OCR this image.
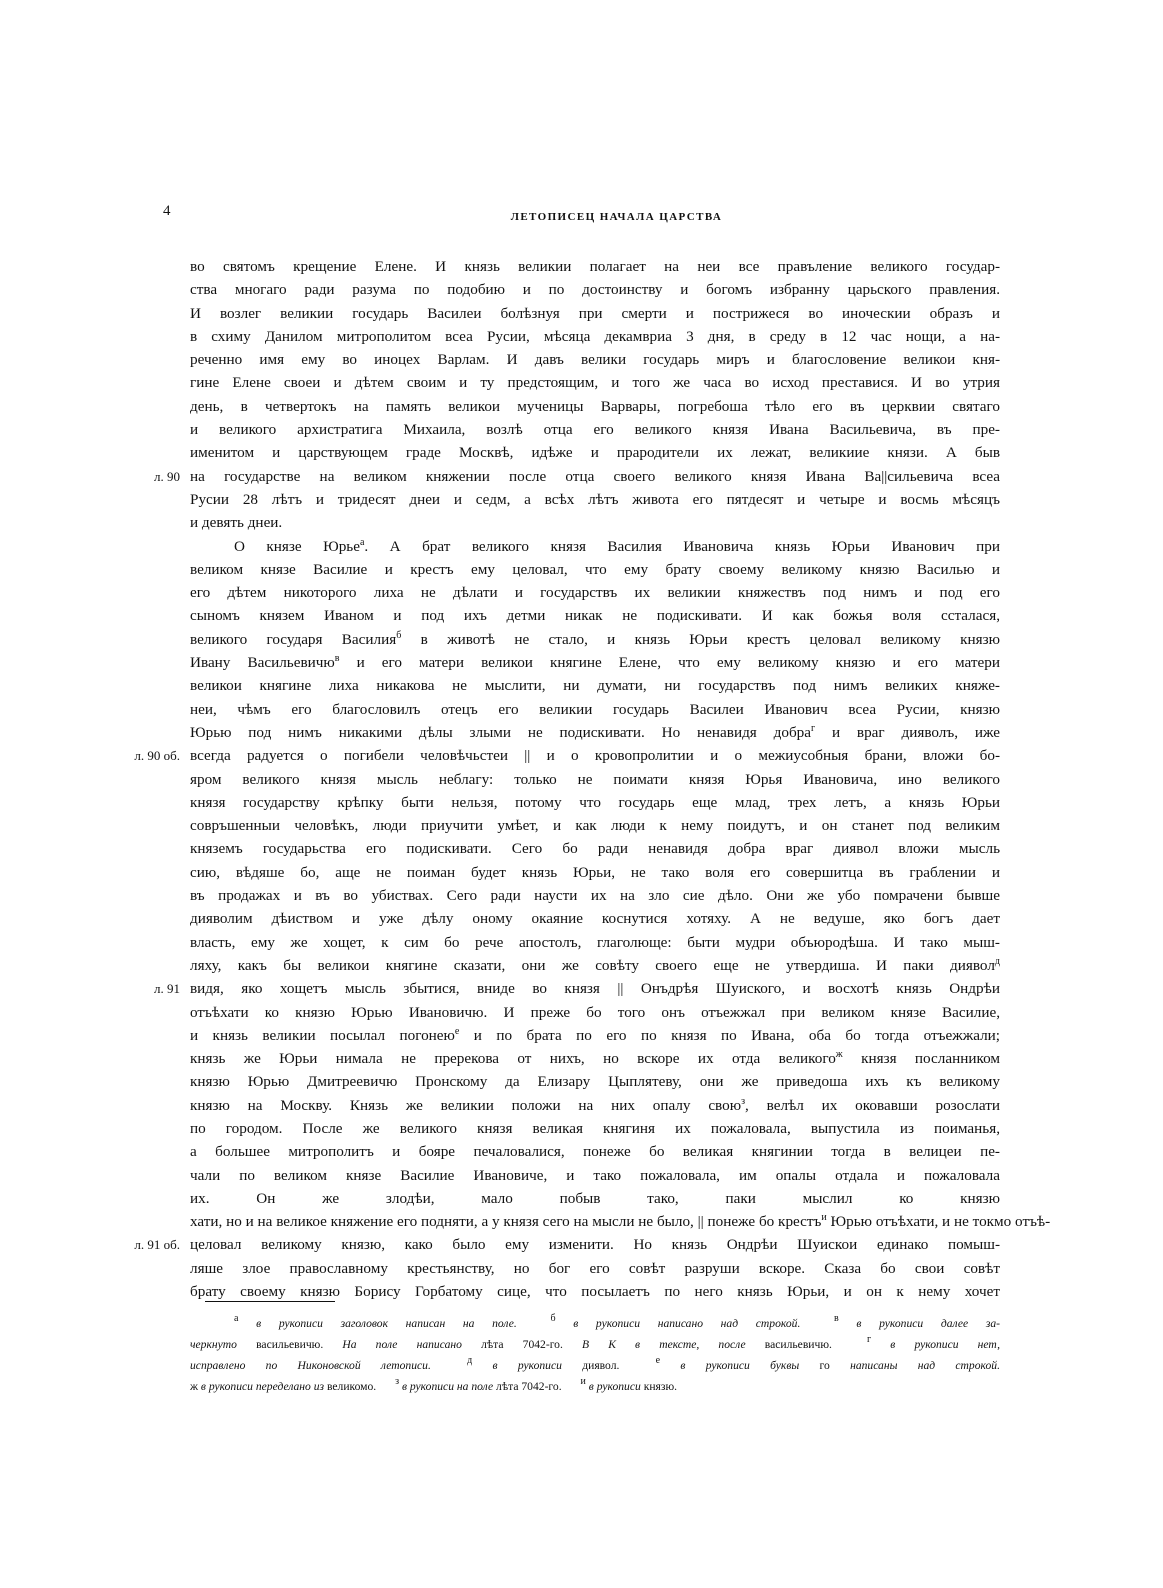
4	ЛЕТОПИСЕЦ НАЧАЛА ЦАРСТВА
во святомъ крещение Елене. И князь великии полагает на неи все правъление великого государ-
ства многаго ради разума по подобию и по достоинству и богомъ избранну царьского правления.
И возлег великии государь Василеи болѣзнуя при смерти и пострижеся во иноческии образъ и
в схиму Данилом митрополитом всеа Русии, мѣсяца декамвриа 3 дня, в среду в 12 час нощи, а на-
реченно имя ему во иноцех Варлам. И давъ велики государь миръ и благословение великои кня-
гине Елене своеи и дѣтем своим и ту предстоящим, и того же часа во исход преставися. И во утрия
день, в четвертокъ на память великои мученицы Варвары, погребоша тѣло его въ церквии святаго
и великого архистратига Михаила, возлѣ отца его великого князя Ивана Васильевича, въ пре-
именитом и царствующем граде Москвѣ, идѣже и прародители их лежат, великиие князи. А быв
л. 90 на государстве на великом княжении после отца своего великого князя Ивана Ва||сильевича всеа
Русии 28 лѣтъ и тридесят днеи и седм, а всѣх лѣтъ живота его пятдесят и четыре и восмь мѣсяцъ
и девять днеи.
О князе Юрье$^а$. А брат великого князя Василия Ивановича князь Юрьи Иванович при
великом князе Василие и крестъ ему целовал, что ему брату своему великому князю Василью и
его дѣтем никоторого лиха не дѣлати и государствъ их великии княжествъ под нимъ и под его
сыномъ князем Иваном и под ихъ детми никак не подискивати. И как божья воля ссталася,
великого государя Василия$^б$ в животѣ не стало, и князь Юрьи крестъ целовал великому князю
Ивану Васильевичю$^в$ и его матери великои княгине Елене, что ему великому князю и его матери
великои княгине лиха никакова не мыслити, ни думати, ни государствъ под нимъ великих княже-
неи, чѣмъ его благословилъ отецъ его великии государь Василеи Иванович всеа Русии, князю
Юрью под нимъ никакими дѣлы злыми не подискивати. Но ненавидя добра$^г$ и враг дияволъ, иже
л. 90 об. всегда радуется о погибели человѣчьстеи || и о кровопролитии и о межиусобныя брани, вложи бо-
яром великого князя мысль неблагу: только не поимати князя Юрья Ивановича, ино великого
князя государству крѣпку быти нельзя, потому что государь еще млад, трех летъ, а князь Юрьи
совръшенныи человѣкъ, люди приучити умѣет, и как люди к нему поидутъ, и он станет под великим
княземъ государьства его подискивати. Сего бо ради ненавидя добра враг диявол вложи мысль
сию, вѣдяше бо, аще не поиман будет князь Юрьи, не тако воля его совершитца въ граблении и
въ продажах и въ во убиствах. Сего ради наусти их на зло сие дѣло. Они же убо помрачени бывше
дияволим дѣиством и уже дѣлу оному окаяние коснутися хотяху. А не ведуше, яко богъ дает
власть, ему же хощет, к сим бо рече апостолъ, глаголюще: быти мудри объюродѣша. И тако мыш-
ляху, какъ бы великои княгине сказати, они же совѣту своего еще не утвердиша. И паки диявол$^д$
л. 91 видя, яко хощетъ мысль збытися, вниде во князя || Онъдрѣя Шуиского, и восхотѣ князь Ондрѣи
отъѣхати ко князю Юрью Ивановичю. И преже бо того онъ отъежжал при великом князе Василие,
и князь великии посылал погонею$^е$ и по брата по его по князя по Ивана, оба бо тогда отъежжали;
князь же Юрьи нимала не пререкова от нихъ, но вскоре их отда великого$^ж$ князя посланником
князю Юрью Дмитреевичю Пронскому да Елизару Цыплятеву, они же приведоша ихъ къ великому
князю на Москву. Князь же великии положи на них опалу свою$^з$, велѣл их оковавши розослати
по городом. После же великого князя великая княгиня их пожаловала, выпустила из поиманья,
а большее митрополитъ и бояре печаловалися, понеже бо великая княгинии тогда в велицеи пе-
чали по великом князе Василие Ивановиче, и тако пожаловала, им опалы отдала и пожаловала
их. Он же злодѣи, мало побыв тако, паки мыслил ко князю
хати, но и на великое княжение его подняти, а у князя сего на мысли не было, || понеже бо крестъ$^и$ Юрью отъѣхати, и не токмо отъѣ-
л. 91 об. целовал великому князю, како было ему изменити. Но князь Ондрѣи Шуискои единако помыш-
ляше злое православному крестьянству, но бог его совѣт разруши вскоре. Сказа бо свои совѣт
брату своему князю Борису Горбатому сице, что посылаетъ по него князь Юрьи, и он к нему хочет
$^а$ в рукописи заголовок написан на поле.	$^б$ в рукописи написано над строкой.	$^в$ в рукописи далее за-
черкнуто васильевичю. На поле написано лѣта 7042-го. В К в тексте, после васильевичю.	$^г$ в рукописи нет,
исправлено по Никоновской летописи.	$^д$ в рукописи диявол.	$^е$ в рукописи буквы го написаны над строкой.
ж в рукописи переделано из великомо. $^з$ в рукописи на поле лѣта 7042-го. $^и$ в рукописи князю.
